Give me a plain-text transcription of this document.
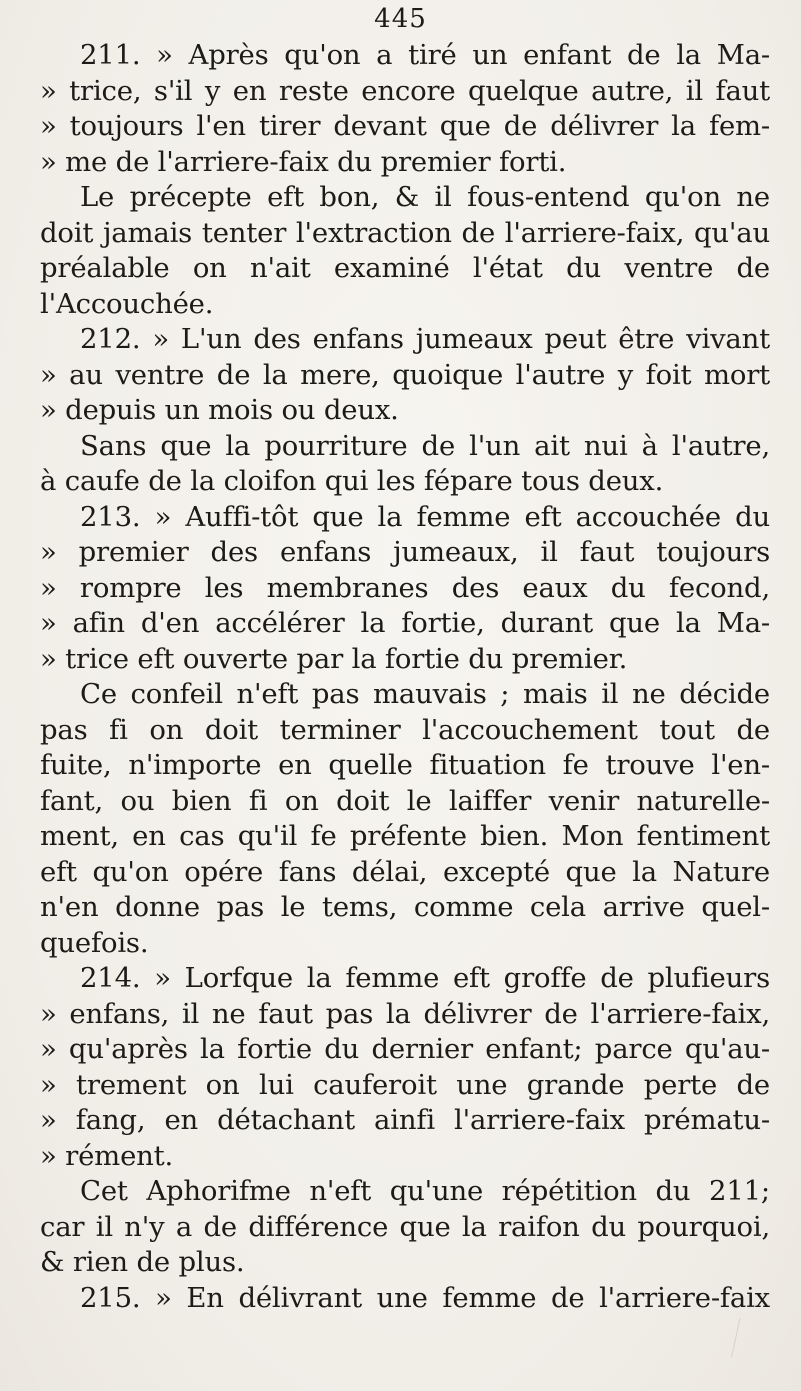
445
211. » Après qu'on a tiré un enfant de la Ma-
» trice, s'il y en reste encore quelque autre, il faut
» toujours l'en tirer devant que de délivrer la fem-
» me de l'arriere-faix du premier forti.
Le précepte eft bon, & il fous-entend qu'on ne
doit jamais tenter l'extraction de l'arriere-faix, qu'au
préalable on n'ait examiné l'état du ventre de
l'Accouchée.
212. » L'un des enfans jumeaux peut être vivant
» au ventre de la mere, quoique l'autre y foit mort
» depuis un mois ou deux.
Sans que la pourriture de l'un ait nui à l'autre,
à caufe de la cloifon qui les fépare tous deux.
213. » Auffi-tôt que la femme eft accouchée du
» premier des enfans jumeaux, il faut toujours
» rompre les membranes des eaux du fecond,
» afin d'en accélérer la fortie, durant que la Ma-
» trice eft ouverte par la fortie du premier.
Ce confeil n'eft pas mauvais ; mais il ne décide
pas fi on doit terminer l'accouchement tout de
fuite, n'importe en quelle fituation fe trouve l'en-
fant, ou bien fi on doit le laiffer venir naturelle-
ment, en cas qu'il fe préfente bien. Mon fentiment
eft qu'on opére fans délai, excepté que la Nature
n'en donne pas le tems, comme cela arrive quel-
quefois.
214. » Lorfque la femme eft groffe de plufieurs
» enfans, il ne faut pas la délivrer de l'arriere-faix,
» qu'après la fortie du dernier enfant; parce qu'au-
» trement on lui cauferoit une grande perte de
» fang, en détachant ainfi l'arriere-faix prématu-
» rément.
Cet Aphorifme n'eft qu'une répétition du 211;
car il n'y a de différence que la raifon du pourquoi,
& rien de plus.
215. » En délivrant une femme de l'arriere-faix
